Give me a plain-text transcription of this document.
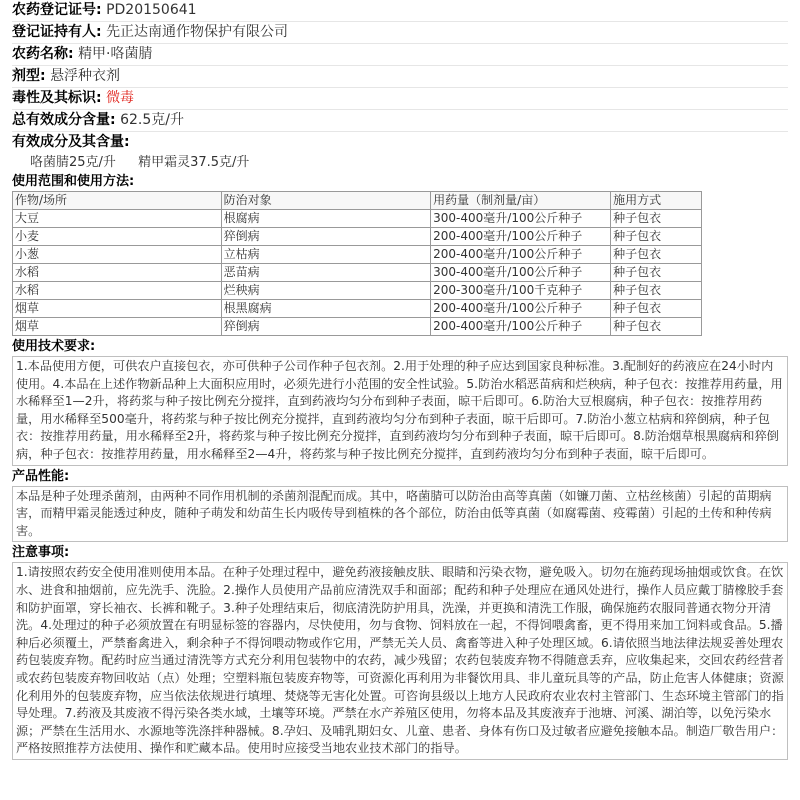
农药登记证号: PD20150641
登记证持有人: 先正达南通作物保护有限公司
农药名称: 精甲·咯菌腈
剂型: 悬浮种衣剂
毒性及其标识: 微毒
总有效成分含量: 62.5克/升
有效成分及其含量:
咯菌腈25克/升 精甲霜灵37.5克/升
使用范围和使用方法:
作物/场所	防治对象	用药量（制剂量/亩）	施用方式
大豆	根腐病	300-400毫升/100公斤种子	种子包衣
小麦	猝倒病	200-400毫升/100公斤种子	种子包衣
小葱	立枯病	200-400毫升/100公斤种子	种子包衣
水稻	恶苗病	300-400毫升/100公斤种子	种子包衣
水稻	烂秧病	200-300毫升/100千克种子	种子包衣
烟草	根黑腐病	200-400毫升/100公斤种子	种子包衣
烟草	猝倒病	200-400毫升/100公斤种子	种子包衣
使用技术要求:
1.本品使用方便，可供农户直接包衣，亦可供种子公司作种子包衣剂。2.用于处理的种子应达到国家良种标准。3.配制好的药液应在24小时内使用。4.本品在上述作物新品种上大面积应用时，必须先进行小范围的安全性试验。5.防治水稻恶苗病和烂秧病，种子包衣：按推荐用药量，用水稀释至1—2升，将药浆与种子按比例充分搅拌，直到药液均匀分布到种子表面，晾干后即可。6.防治大豆根腐病，种子包衣：按推荐用药量，用水稀释至500毫升，将药浆与种子按比例充分搅拌，直到药液均匀分布到种子表面，晾干后即可。7.防治小葱立枯病和猝倒病，种子包衣：按推荐用药量，用水稀释至2升，将药浆与种子按比例充分搅拌，直到药液均匀分布到种子表面，晾干后即可。8.防治烟草根黑腐病和猝倒病，种子包衣：按推荐用药量，用水稀释至2—4升，将药浆与种子按比例充分搅拌，直到药液均匀分布到种子表面，晾干后即可。
产品性能:
本品是种子处理杀菌剂，由两种不同作用机制的杀菌剂混配而成。其中，咯菌腈可以防治由高等真菌（如镰刀菌、立枯丝核菌）引起的苗期病害，而精甲霜灵能透过种皮，随种子萌发和幼苗生长内吸传导到植株的各个部位，防治由低等真菌（如腐霉菌、疫霉菌）引起的土传和种传病害。
注意事项:
1.请按照农药安全使用准则使用本品。在种子处理过程中，避免药液接触皮肤、眼睛和污染衣物，避免吸入。切勿在施药现场抽烟或饮食。在饮水、进食和抽烟前，应先洗手、洗脸。2.操作人员使用产品前应清洗双手和面部；配药和种子处理应在通风处进行，操作人员应戴丁腈橡胶手套和防护面罩，穿长袖衣、长裤和靴子。3.种子处理结束后，彻底清洗防护用具，洗澡，并更换和清洗工作服，确保施药农服同普通衣物分开清洗。4.处理过的种子必须放置在有明显标签的容器内，尽快使用，勿与食物、饲料放在一起，不得饲喂禽畜，更不得用来加工饲料或食品。5.播种后必须覆土，严禁畜禽进入，剩余种子不得饲喂动物或作它用，严禁无关人员、禽畜等进入种子处理区域。6.请依照当地法律法规妥善处理农药包装废弃物。配药时应当通过清洗等方式充分利用包装物中的农药，减少残留；农药包装废弃物不得随意丢弃，应收集起来，交回农药经营者或农药包装废弃物回收站（点）处理；空塑料瓶包装废弃物等，可资源化再利用为非餐饮用具、非儿童玩具等的产品，防止危害人体健康；资源化利用外的包装废弃物，应当依法依规进行填埋、焚烧等无害化处置。可咨询县级以上地方人民政府农业农村主管部门、生态环境主管部门的指导处理。7.药液及其废液不得污染各类水域，土壤等环境。严禁在水产养殖区使用，勿将本品及其废液弃于池塘、河溪、湖泊等，以免污染水源；严禁在生活用水、水源地等洗涤拌种器械。8.孕妇、及哺乳期妇女、儿童、患者、身体有伤口及过敏者应避免接触本品。制造厂敬告用户：严格按照推荐方法使用、操作和贮藏本品。使用时应接受当地农业技术部门的指导。
